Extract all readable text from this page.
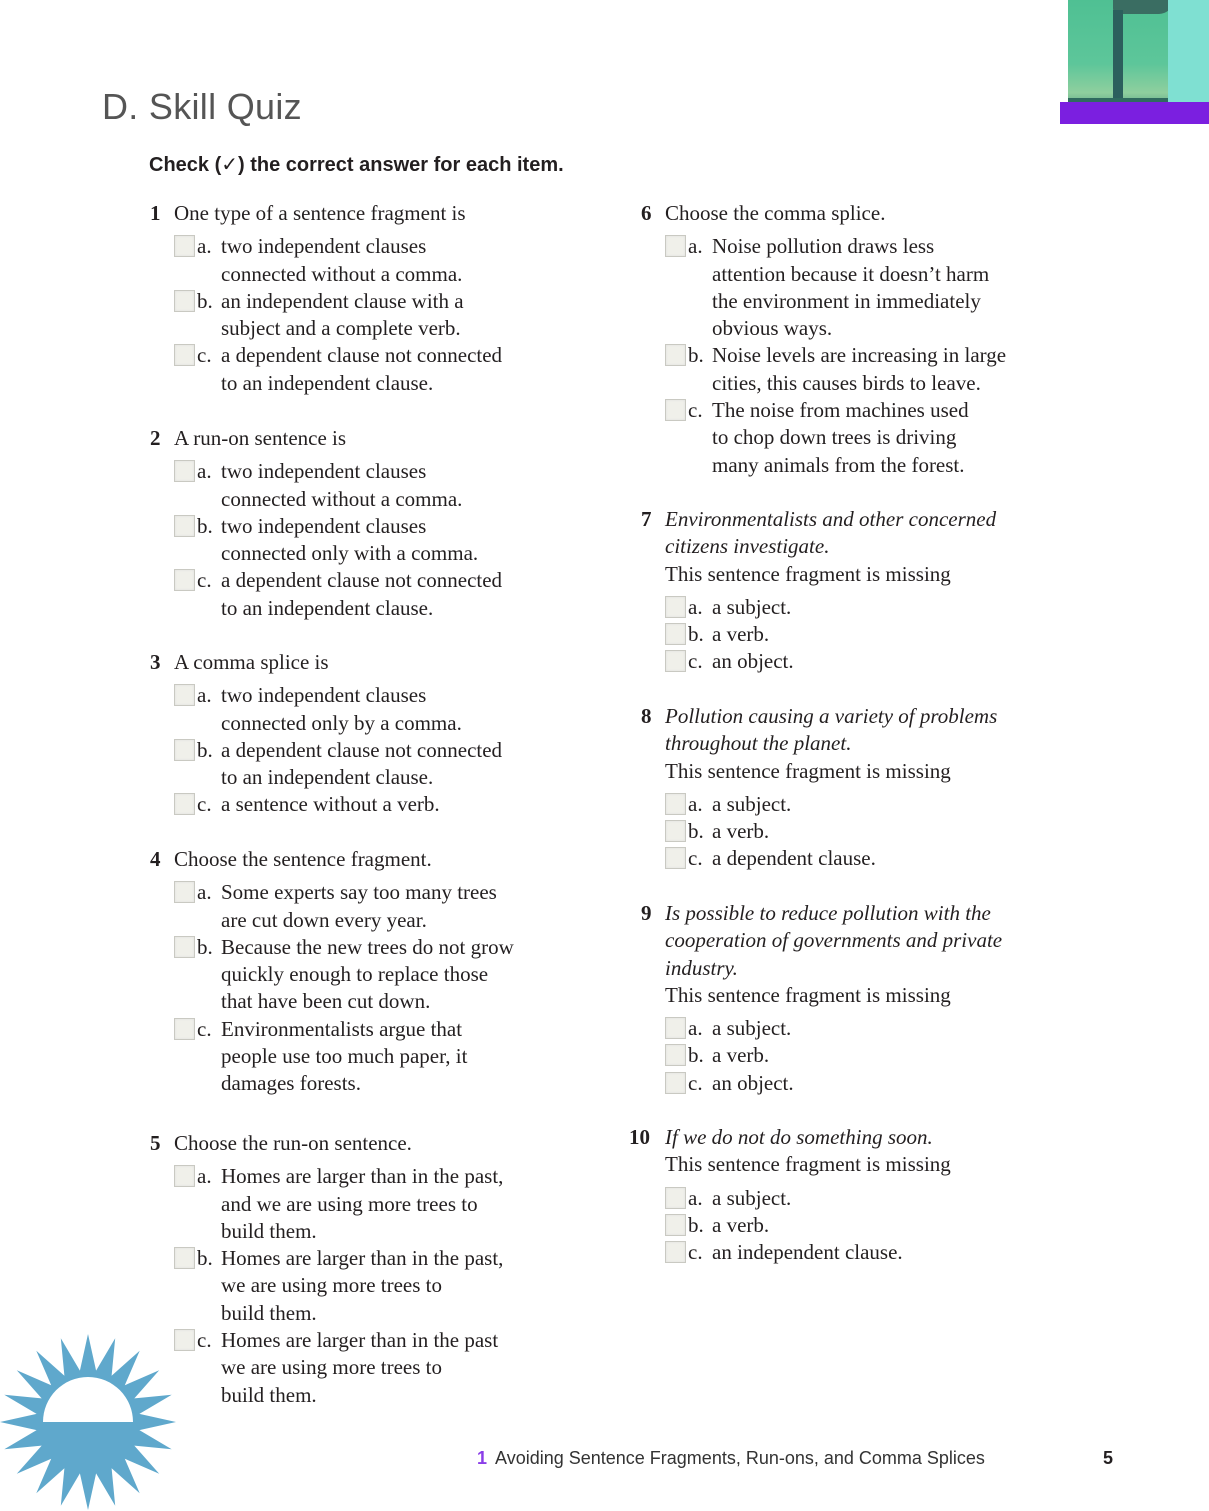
D. Skill Quiz
Check (✓) the correct answer for each item.
1 One type of a sentence fragment is
a. two independent clauses
connected without a comma.
b. an independent clause with a
subject and a complete verb.
c. a dependent clause not connected
to an independent clause.
2 A run-on sentence is
a. two independent clauses
connected without a comma.
b. two independent clauses
connected only with a comma.
c. a dependent clause not connected
to an independent clause.
3 A comma splice is
a. two independent clauses
connected only by a comma.
b. a dependent clause not connected
to an independent clause.
c. a sentence without a verb.
4 Choose the sentence fragment.
a. Some experts say too many trees
are cut down every year.
b. Because the new trees do not grow
quickly enough to replace those
that have been cut down.
c. Environmentalists argue that
people use too much paper, it
damages forests.
5 Choose the run-on sentence.
a. Homes are larger than in the past,
and we are using more trees to
build them.
b. Homes are larger than in the past,
we are using more trees to
build them.
c. Homes are larger than in the past
we are using more trees to
build them.
6 Choose the comma splice.
a. Noise pollution draws less
attention because it doesn’t harm
the environment in immediately
obvious ways.
b. Noise levels are increasing in large
cities, this causes birds to leave.
c. The noise from machines used
to chop down trees is driving
many animals from the forest.
7 Environmentalists and other concerned
citizens investigate.
This sentence fragment is missing
a. a subject.
b. a verb.
c. an object.
8 Pollution causing a variety of problems
throughout the planet.
This sentence fragment is missing
a. a subject.
b. a verb.
c. a dependent clause.
9 Is possible to reduce pollution with the
cooperation of governments and private
industry.
This sentence fragment is missing
a. a subject.
b. a verb.
c. an object.
10 If we do not do something soon.
This sentence fragment is missing
a. a subject.
b. a verb.
c. an independent clause.
1 Avoiding Sentence Fragments, Run-ons, and Comma Splices	5
